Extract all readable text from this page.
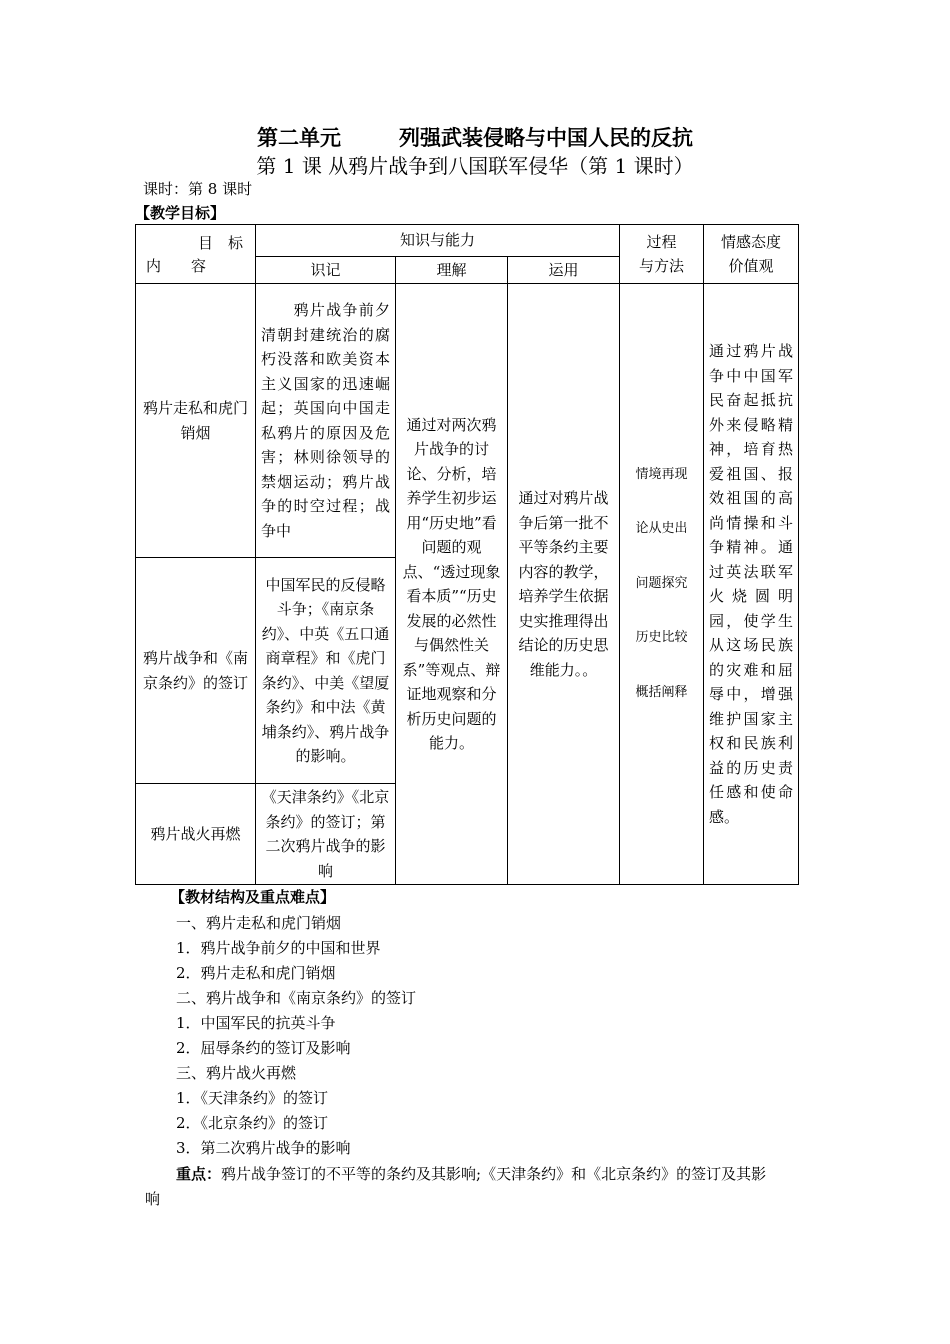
第二单元	列强武装侵略与中国人民的反抗
第 1 课 从鸦片战争到八国联军侵华（第 1 课时）
课时：第 8 课时
【教学目标】
目　标
内　　容	知识与能力			过程
与方法	情感态度
价值观
	识记	理解	运用		
鸦片走私和虎门销烟	　　鸦片战争前夕清朝封建统治的腐朽没落和欧美资本主义国家的迅速崛起；英国向中国走私鸦片的原因及危害；林则徐领导的禁烟运动；鸦片战争的时空过程；战争中	通过对两次鸦片战争的讨论、分析，培养学生初步运用“历史地”看问题的观点、“透过现象看本质”“历史发展的必然性与偶然性关系”等观点、辩证地观察和分析历史问题的能力。	通过对鸦片战争后第一批不平等条约主要内容的教学，培养学生依据史实推理得出结论的历史思维能力。。	情境再现
论从史出
问题探究
历史比较
概括阐释	通过鸦片战争中中国军民奋起抵抗外来侵略精神，培育热爱祖国、报效祖国的高尚情操和斗争精神。通过英法联军火烧圆明园，使学生从这场民族的灾难和屈辱中，增强维护国家主权和民族利益的历史责任感和使命感。
鸦片战争和《南京条约》的签订	中国军民的反侵略斗争；《南京条约》、中英《五口通商章程》和《虎门条约》、中美《望厦条约》和中法《黄埔条约》、鸦片战争的影响。				
鸦片战火再燃	《天津条约》《北京条约》的签订；第二次鸦片战争的影响				
【教材结构及重点难点】
一、鸦片走私和虎门销烟
1．鸦片战争前夕的中国和世界
2．鸦片走私和虎门销烟
二、鸦片战争和《南京条约》的签订
1．中国军民的抗英斗争
2．屈辱条约的签订及影响
三、鸦片战火再燃
1．《天津条约》的签订
2．《北京条约》的签订
3．第二次鸦片战争的影响
重点：鸦片战争签订的不平等的条约及其影响;《天津条约》和《北京条约》的签订及其影
响
